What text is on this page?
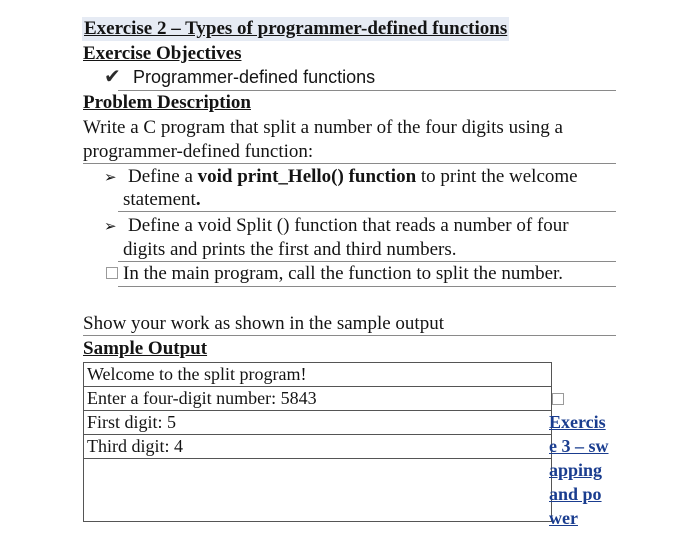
Exercise 2 – Types of programmer-defined functions
Exercise Objectives
✔ Programmer-defined functions
Problem Description
Write a C program that split a number of the four digits using a
programmer-defined function:
➢ Define a void print_Hello() function to print the welcome
statement.
➢ Define a void Split () function that reads a number of four
digits and prints the first and third numbers.
In the main program, call the function to split the number.
Show your work as shown in the sample output
Sample Output
Welcome to the split program!
Enter a four-digit number: 5843
First digit: 5
Third digit: 4

Exercise 3 – swapping and power
